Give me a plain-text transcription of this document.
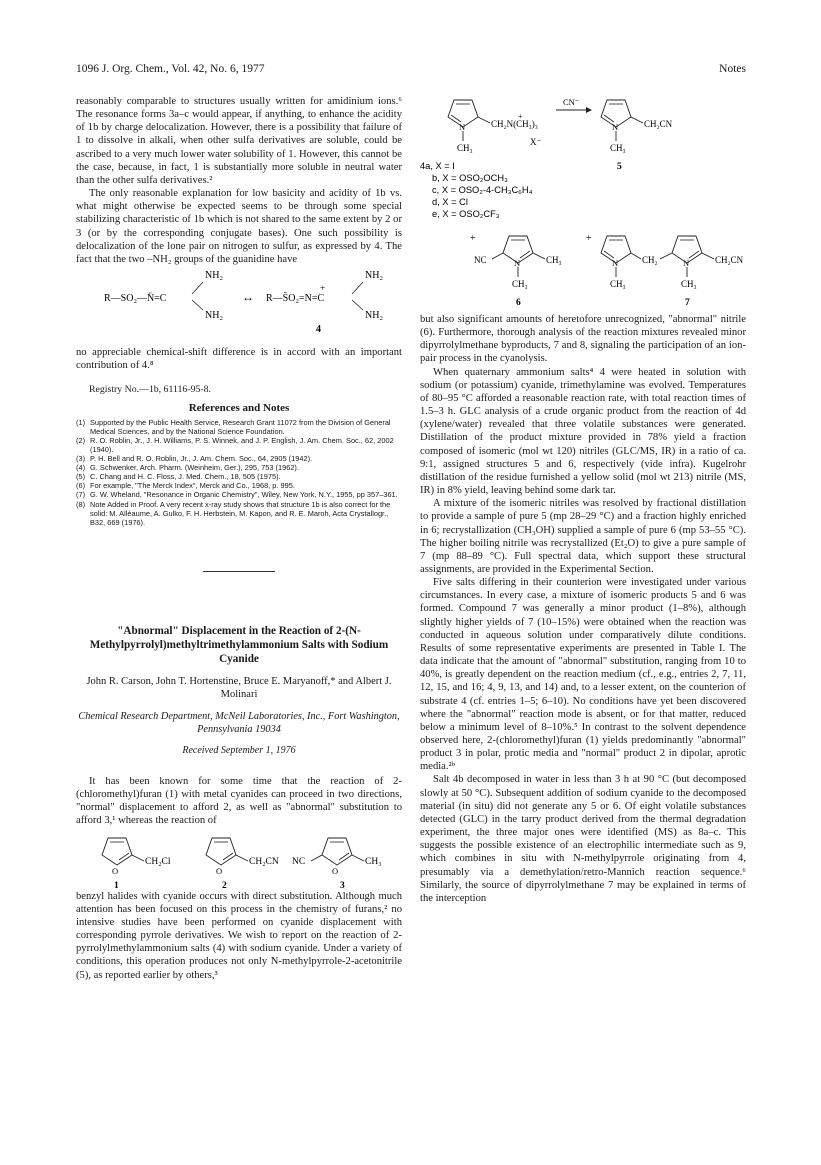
1096 J. Org. Chem., Vol. 42, No. 6, 1977	Notes

reasonably comparable to structures usually written for amidinium ions.⁶ The resonance forms 3a–c would appear, if anything, to enhance the acidity of 1b by charge delocalization. However, there is a possibility that failure of 1 to dissolve in alkali, when other sulfa derivatives are soluble, could be ascribed to a very much lower water solubility of 1. However, this cannot be the case, because, in fact, 1 is substantially more soluble in neutral water than the other sulfa derivatives.²

The only reasonable explanation for low basicity and acidity of 1b vs. what might otherwise be expected seems to be through some special stabilizing characteristic of 1b which is not shared to the same extent by 2 or 3 (or by the corresponding conjugate bases). One such possibility is delocalization of the lone pair on nitrogen to sulfur, as expressed by 4. The fact that the two –NH₂ groups of the guanidine have

NH₂
NH₂
R—SO₂—N̈=C	↔ R—S̄O₂=N=C
+
NH₂
NH₂
4

no appreciable chemical-shift difference is in accord with an important contribution of 4.⁸

Registry No.—1b, 61116-95-8.

References and Notes
(1) Supported by the Public Health Service, Research Grant 11072 from the Division of General Medical Sciences, and by the National Science Foundation.
(2) R. O. Roblin, Jr., J. H. Williams, P. S. Winnek, and J. P. English, J. Am. Chem. Soc., 62, 2002 (1940).
(3) P. H. Bell and R. O. Roblin, Jr., J. Am. Chem. Soc., 64, 2905 (1942).
(4) G. Schwenker, Arch. Pharm. (Weinheim, Ger.), 295, 753 (1962).
(5) C. Chang and H. C. Floss, J. Med. Chem., 18, 505 (1975).
(6) For example, "The Merck Index", Merck and Co., 1968, p. 995.
(7) G. W. Wheland, "Resonance in Organic Chemistry", Wiley, New York, N.Y., 1955, pp 357–361.
(8) Note Added in Proof. A very recent x-ray study shows that structure 1b is also correct for the solid: M. Alléaume, A. Gulko, F. H. Herbstein, M. Kapon, and R. E. Maroh, Acta Crystallogr., B32, 669 (1976).
"Abnormal" Displacement in the Reaction of 2-(N-Methylpyrrolyl)methyltrimethylammonium Salts with Sodium Cyanide
John R. Carson, John T. Hortenstine, Bruce E. Maryanoff,* and Albert J. Molinari
Chemical Research Department, McNeil Laboratories, Inc., Fort Washington, Pennsylvania 19034
Received September 1, 1976

It has been known for some time that the reaction of 2-(chloromethyl)furan (1) with metal cyanides can proceed in two directions, "normal" displacement to afford 2, as well as "abnormal" substitution to afford 3,¹ whereas the reaction of

O
CH₂Cl
1
O
CH₂CN
2
O
NC	CH₃
3

benzyl halides with cyanide occurs with direct substitution. Although much attention has been focused on this process in the chemistry of furans,² no intensive studies have been performed on cyanide displacement with corresponding pyrrole derivatives. We wish to report on the reaction of 2-pyrrolylmethylammonium salts (4) with sodium cyanide. Under a variety of conditions, this operation produces not only N-methylpyrrole-2-acetonitrile (5), as reported earlier by others,³

N
+
CH₂N(CH₃)₃
X⁻
CH₃
CN⁻
N	CH₂CN
CH₃
4a, X = I	5
b, X = OSO₂OCH₃
c, X = OSO₂-4-CH₃C₆H₄
d, X = Cl
e, X = OSO₂CF₃
+
N
NC	CH₃
CH₃
6
+
N	CH₂
CH₃
N	CH₂CN
CH₃
7

but also significant amounts of heretofore unrecognized, "abnormal" nitrile (6). Furthermore, thorough analysis of the reaction mixtures revealed minor dipyrrolylmethane byproducts, 7 and 8, signaling the participation of an ion-pair process in the cyanolysis.

When quaternary ammonium salts⁴ 4 were heated in solution with sodium (or potassium) cyanide, trimethylamine was evolved. Temperatures of 80–95 °C afforded a reasonable reaction rate, with total reaction times of 1.5–3 h. GLC analysis of a crude organic product from the reaction of 4d (xylene/water) revealed that three volatile substances were generated. Distillation of the product mixture provided in 78% yield a fraction composed of isomeric (mol wt 120) nitriles (GLC/MS, IR) in a ratio of ca. 9:1, assigned structures 5 and 6, respectively (vide infra). Kugelrohr distillation of the residue furnished a yellow solid (mol wt 213) nitrile (MS, IR) in 8% yield, leaving behind some dark tar.

A mixture of the isomeric nitriles was resolved by fractional distillation to provide a sample of pure 5 (mp 28–29 °C) and a fraction highly enriched in 6; recrystallization (CH₃OH) supplied a sample of pure 6 (mp 53–55 °C). The higher boiling nitrile was recrystallized (Et₂O) to give a pure sample of 7 (mp 88–89 °C). Full spectral data, which support these structural assignments, are provided in the Experimental Section.

Five salts differing in their counterion were investigated under various circumstances. In every case, a mixture of isomeric products 5 and 6 was formed. Compound 7 was generally a minor product (1–8%), although slightly higher yields of 7 (10–15%) were obtained when the reaction was conducted in aqueous solution under comparatively dilute conditions. Results of some representative experiments are presented in Table I. The data indicate that the amount of "abnormal" substitution, ranging from 10 to 40%, is greatly dependent on the reaction medium (cf., e.g., entries 2, 7, 11, 12, 15, and 16; 4, 9, 13, and 14) and, to a lesser extent, on the counterion of substrate 4 (cf. entries 1–5; 6–10). No conditions have yet been discovered where the "abnormal" reaction mode is absent, or for that matter, reduced below a minimum level of 8–10%.⁵ In contrast to the solvent dependence observed here, 2-(chloromethyl)furan (1) yields predominantly "abnormal" product 3 in polar, protic media and "normal" product 2 in dipolar, aprotic media.²ᵇ

Salt 4b decomposed in water in less than 3 h at 90 °C (but decomposed slowly at 50 °C). Subsequent addition of sodium cyanide to the decomposed material (in situ) did not generate any 5 or 6. Of eight volatile substances detected (GLC) in the tarry product derived from the thermal degradation experiment, the three major ones were identified (MS) as 8a–c. This suggests the possible existence of an electrophilic intermediate such as 9, which combines in situ with N-methylpyrrole originating from 4, presumably via a demethylation/retro-Mannich reaction sequence.⁶ Similarly, the source of dipyrrolylmethane 7 may be explained in terms of the interception
